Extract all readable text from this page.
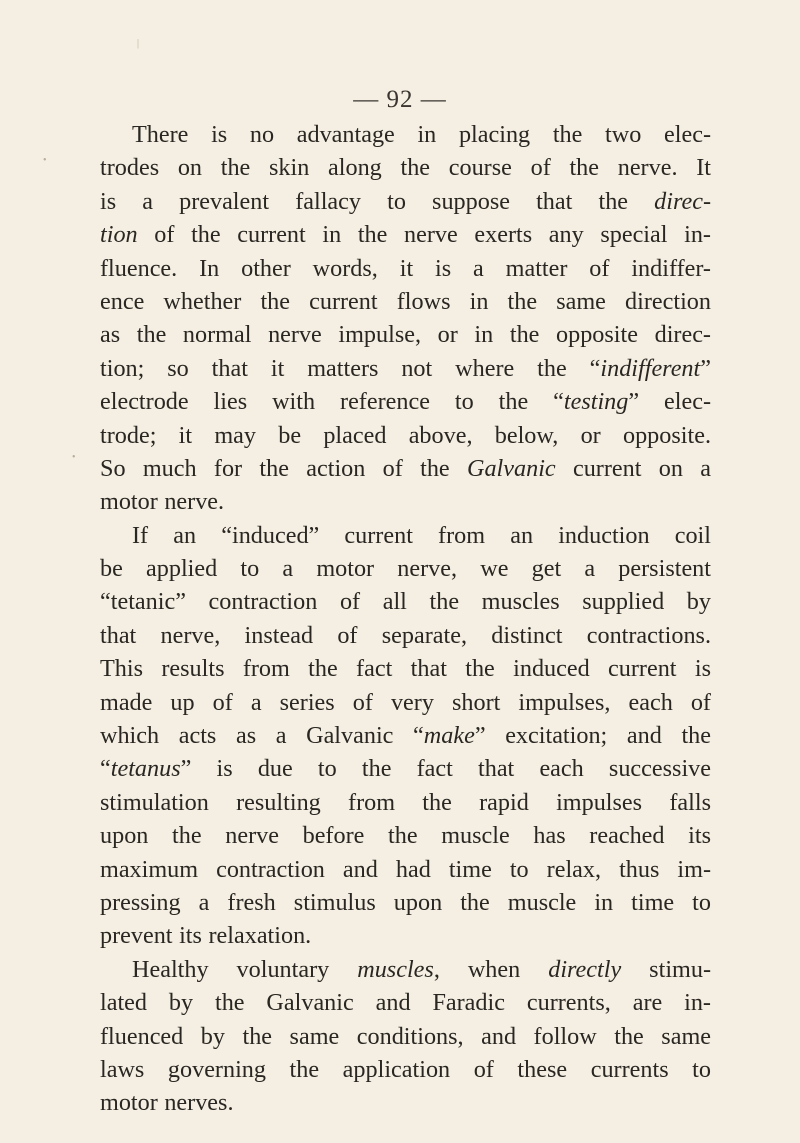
|
•
•
— 92 —
There is no advantage in placing the two elec-
trodes on the skin along the course of the nerve. It
is a prevalent fallacy to suppose that the direc-
tion of the current in the nerve exerts any special in-
fluence. In other words, it is a matter of indiffer-
ence whether the current flows in the same direction
as the normal nerve impulse, or in the opposite direc-
tion; so that it matters not where the “indifferent”
electrode lies with reference to the “testing” elec-
trode; it may be placed above, below, or opposite.
So much for the action of the Galvanic current on a
motor nerve.
If an “induced” current from an induction coil
be applied to a motor nerve, we get a persistent
“tetanic” contraction of all the muscles supplied by
that nerve, instead of separate, distinct contractions.
This results from the fact that the induced current is
made up of a series of very short impulses, each of
which acts as a Galvanic “make” excitation; and the
“tetanus” is due to the fact that each successive
stimulation resulting from the rapid impulses falls
upon the nerve before the muscle has reached its
maximum contraction and had time to relax, thus im-
pressing a fresh stimulus upon the muscle in time to
prevent its relaxation.
Healthy voluntary muscles, when directly stimu-
lated by the Galvanic and Faradic currents, are in-
fluenced by the same conditions, and follow the same
laws governing the application of these currents to
motor nerves.
